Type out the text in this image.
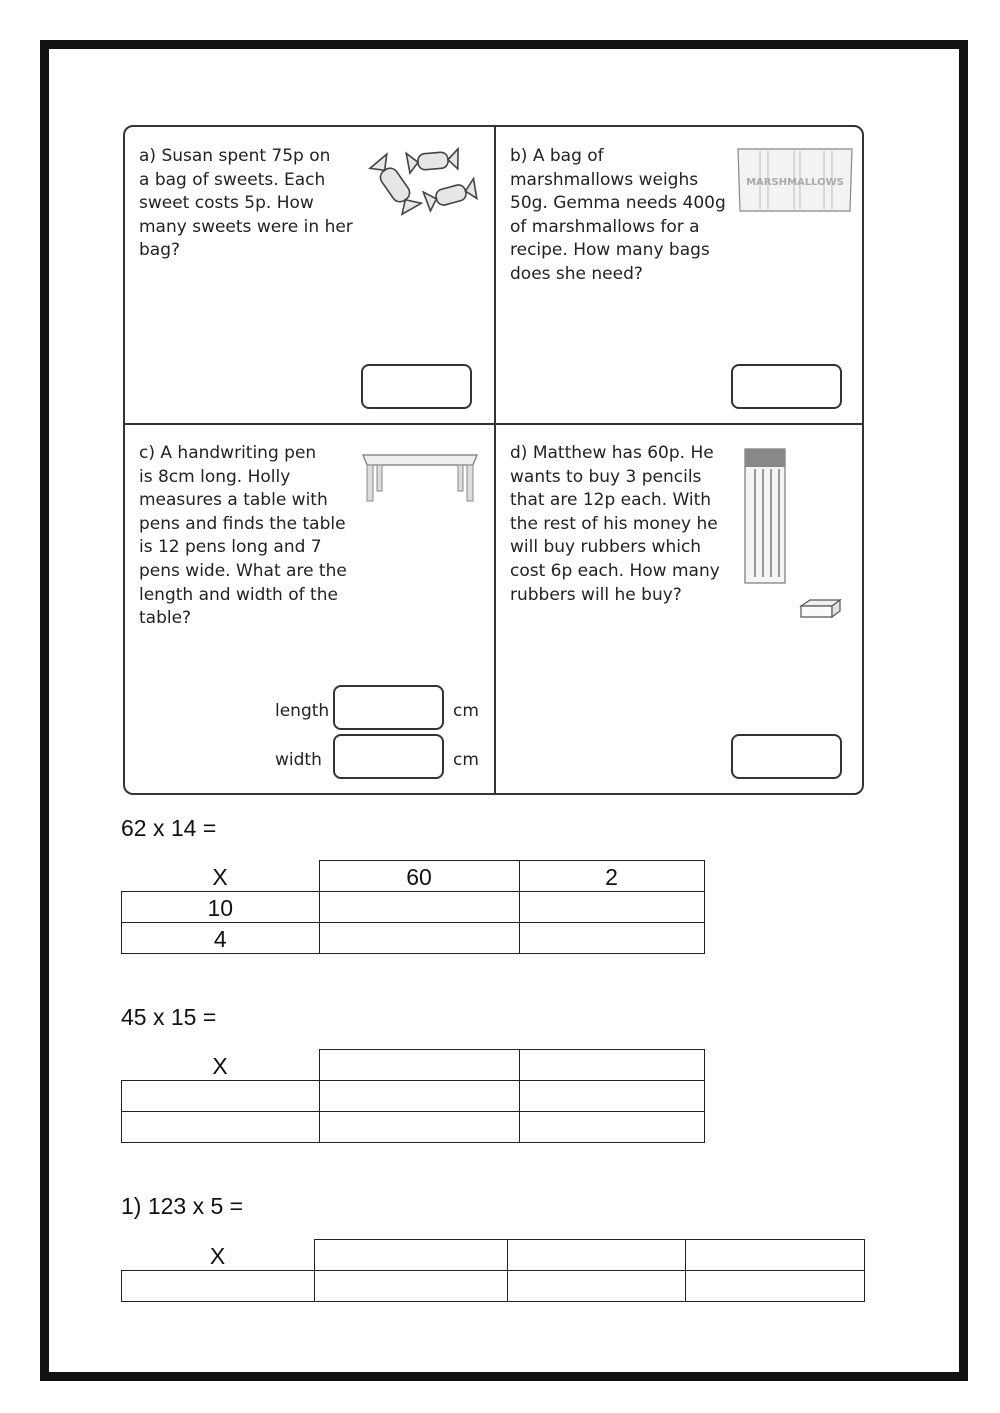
a) Susan spent 75p on
a bag of sweets. Each
sweet costs 5p. How
many sweets were in her
bag?
b) A bag of
marshmallows weighs
50g. Gemma needs 400g
of marshmallows for a
recipe. How many bags
does she need?
MARSHMALLOWS
c) A handwriting pen
is 8cm long. Holly
measures a table with
pens and finds the table
is 12 pens long and 7
pens wide. What are the
length and width of the
table?
length	cm
width	cm
d) Matthew has 60p. He
wants to buy 3 pencils
that are 12p each. With
the rest of his money he
will buy rubbers which
cost 6p each. How many
rubbers will he buy?
62 x 14 =
X	60	2
10		
4		
45 x 15 =
X		

1) 123 x 5 =
X			
